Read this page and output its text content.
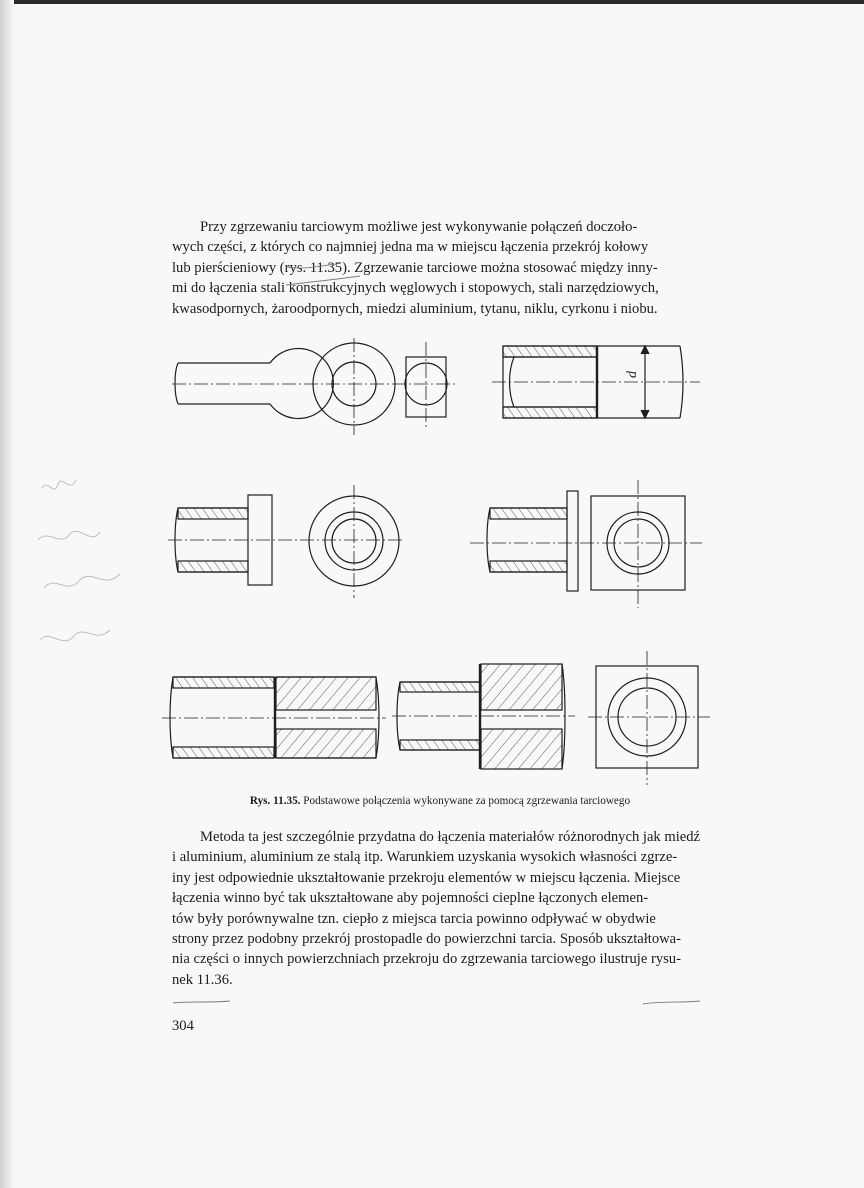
Przy zgrzewaniu tarciowym możliwe jest wykonywanie połączeń doczoło-
wych części, z których co najmniej jedna ma w miejscu łączenia przekrój kołowy
lub pierścieniowy (rys. 11.35). Zgrzewanie tarciowe można stosować między inny-
mi do łączenia stali konstrukcyjnych węglowych i stopowych, stali narzędziowych,
kwasodpornych, żaroodpornych, miedzi aluminium, tytanu, niklu, cyrkonu i niobu.

d

Rys. 11.35. Podstawowe połączenia wykonywane za pomocą zgrzewania tarciowego

Metoda ta jest szczególnie przydatna do łączenia materiałów różnorodnych jak miedź
i aluminium, aluminium ze stalą itp. Warunkiem uzyskania wysokich własności zgrze-
iny jest odpowiednie ukształtowanie przekroju elementów w miejscu łączenia. Miejsce
łączenia winno być tak ukształtowane aby pojemności cieplne łączonych elemen-
tów były porównywalne tzn. ciepło z miejsca tarcia powinno odpływać w obydwie
strony przez podobny przekrój prostopadle do powierzchni tarcia. Sposób ukształtowa-
nia części o innych powierzchniach przekroju do zgrzewania tarciowego ilustruje rysu-
nek 11.36.

304
